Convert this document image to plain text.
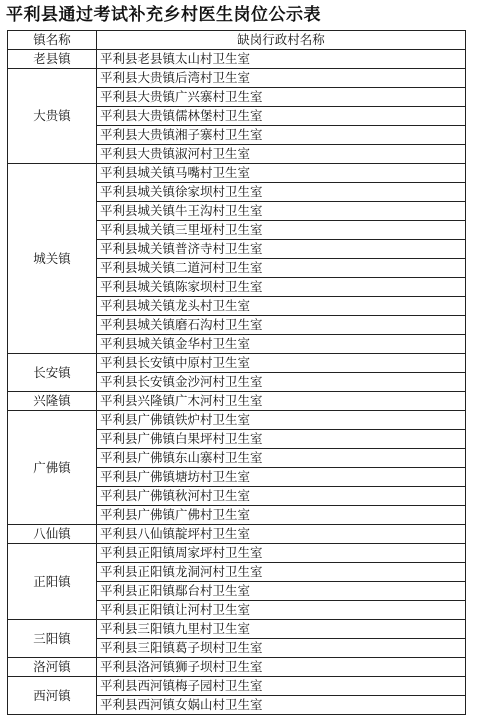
平利县通过考试补充乡村医生岗位公示表
镇名称	缺岗行政村名称
老县镇	平利县老县镇太山村卫生室
大贵镇	平利县大贵镇后湾村卫生室
	平利县大贵镇广兴寨村卫生室
	平利县大贵镇儒林堡村卫生室
	平利县大贵镇湘子寨村卫生室
	平利县大贵镇淑河村卫生室
城关镇	平利县城关镇马嘴村卫生室
	平利县城关镇徐家坝村卫生室
	平利县城关镇牛王沟村卫生室
	平利县城关镇三里垭村卫生室
	平利县城关镇普济寺村卫生室
	平利县城关镇二道河村卫生室
	平利县城关镇陈家坝村卫生室
	平利县城关镇龙头村卫生室
	平利县城关镇磨石沟村卫生室
	平利县城关镇金华村卫生室
长安镇	平利县长安镇中原村卫生室
	平利县长安镇金沙河村卫生室
兴隆镇	平利县兴隆镇广木河村卫生室
广佛镇	平利县广佛镇铁炉村卫生室
	平利县广佛镇白果坪村卫生室
	平利县广佛镇东山寨村卫生室
	平利县广佛镇塘坊村卫生室
	平利县广佛镇秋河村卫生室
	平利县广佛镇广佛村卫生室
八仙镇	平利县八仙镇靛坪村卫生室
正阳镇	平利县正阳镇周家坪村卫生室
	平利县正阳镇龙洞河村卫生室
	平利县正阳镇鄢台村卫生室
	平利县正阳镇让河村卫生室
三阳镇	平利县三阳镇九里村卫生室
	平利县三阳镇葛子坝村卫生室
洛河镇	平利县洛河镇狮子坝村卫生室
西河镇	平利县西河镇梅子园村卫生室
	平利县西河镇女娲山村卫生室
